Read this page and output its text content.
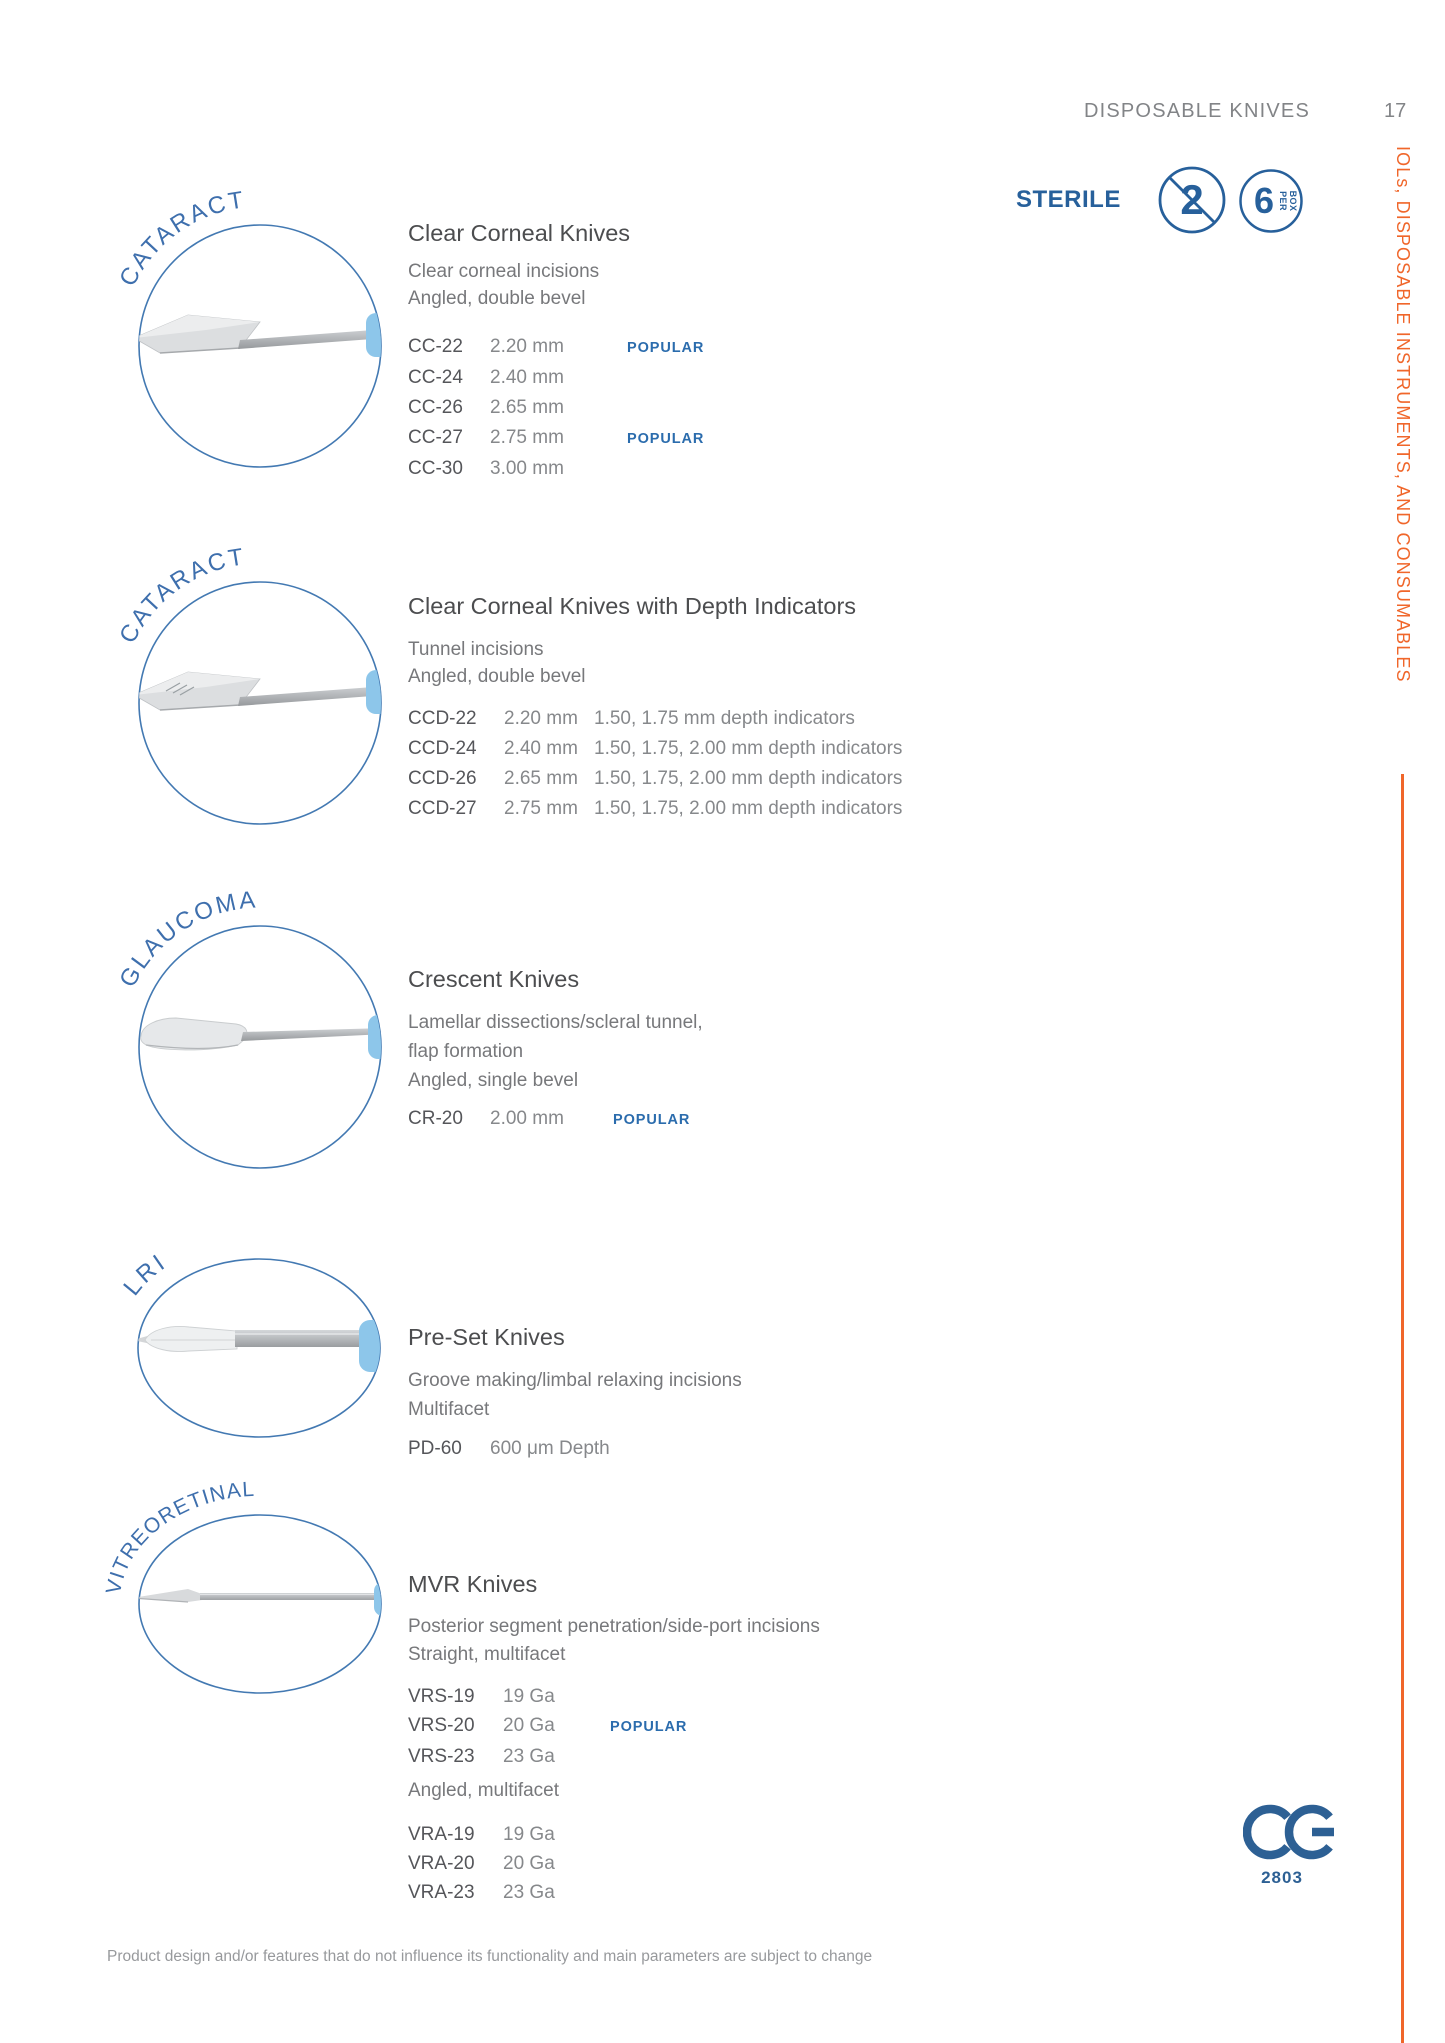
DISPOSABLE KNIVES	17
IOLs, DISPOSABLE INSTRUMENTS, AND CONSUMABLES
STERILE 2 6 PER BOX
CATARACT
Clear Corneal Knives
Clear corneal incisions
Angled, double bevel
CC-22	2.20 mm	POPULAR
CC-24	2.40 mm
CC-26	2.65 mm
CC-27	2.75 mm	POPULAR
CC-30	3.00 mm
CATARACT
Clear Corneal Knives with Depth Indicators
Tunnel incisions
Angled, double bevel
CCD-22	2.20 mm 1.50, 1.75 mm depth indicators
CCD-24	2.40 mm 1.50, 1.75, 2.00 mm depth indicators
CCD-26	2.65 mm 1.50, 1.75, 2.00 mm depth indicators
CCD-27	2.75 mm 1.50, 1.75, 2.00 mm depth indicators
GLAUCOMA
Crescent Knives
Lamellar dissections/scleral tunnel,
flap formation
Angled, single bevel
CR-20	2.00 mm	POPULAR
LRI
Pre-Set Knives
Groove making/limbal relaxing incisions
Multifacet
PD-60	600 μm Depth
VITREORETINAL
MVR Knives
Posterior segment penetration/side-port incisions
Straight, multifacet
VRS-19	19 Ga
VRS-20	20 Ga	POPULAR
VRS-23	23 Ga
Angled, multifacet
VRA-19	19 Ga
VRA-20	20 Ga
VRA-23	23 Ga
2803
Product design and/or features that do not influence its functionality and main parameters are subject to change
